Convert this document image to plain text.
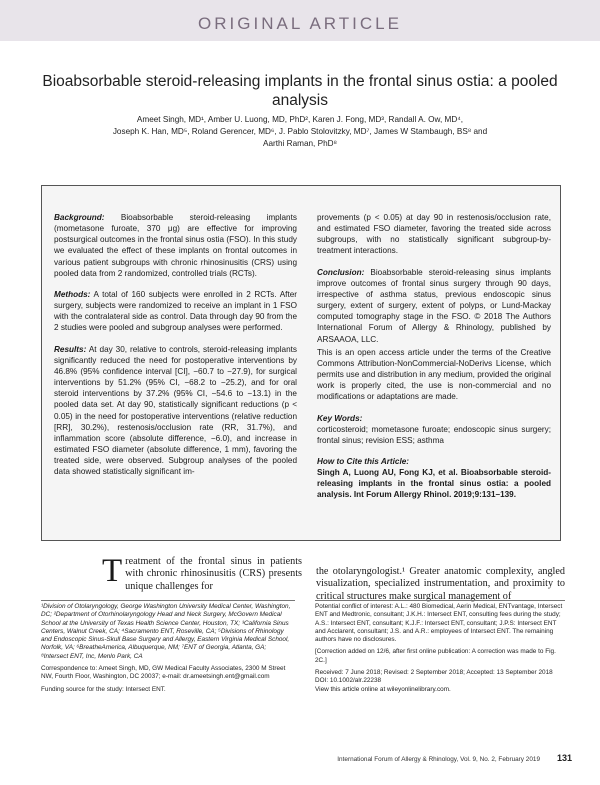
ORIGINAL ARTICLE
Bioabsorbable steroid-releasing implants in the frontal sinus ostia: a pooled analysis
Ameet Singh, MD¹, Amber U. Luong, MD, PhD², Karen J. Fong, MD³, Randall A. Ow, MD⁴,
Joseph K. Han, MD⁵, Roland Gerencer, MD⁶, J. Pablo Stolovitzky, MD⁷, James W Stambaugh, BS⁸ and
Aarthi Raman, PhD⁸

Background: Bioabsorbable steroid-releasing implants (mometasone furoate, 370 μg) are effective for improving postsurgical outcomes in the frontal sinus ostia (FSO). In this study we evaluated the effect of these implants on frontal outcomes in various patient subgroups with chronic rhinosinusitis (CRS) using pooled data from 2 randomized, controlled trials (RCTs).

Methods: A total of 160 subjects were enrolled in 2 RCTs. After surgery, subjects were randomized to receive an implant in 1 FSO with the contralateral side as control. Data through day 90 from the 2 studies were pooled and subgroup analyses were performed.

Results: At day 30, relative to controls, steroid-releasing implants significantly reduced the need for postoperative interventions by 46.8% (95% confidence interval [CI], −60.7 to −27.9), for surgical interventions by 51.2% (95% CI, −68.2 to −25.2), and for oral steroid interventions by 37.2% (95% CI, −54.6 to −13.1) in the pooled data set. At day 90, statistically significant reductions (p < 0.05) in the need for postoperative interventions (relative reduction [RR], 30.2%), restenosis/occlusion rate (RR, 31.7%), and inflammation score (absolute difference, −6.0), and increase in estimated FSO diameter (absolute difference, 1 mm), favoring the treated side, were observed. Subgroup analyses of the pooled data showed statistically significant im-

provements (p < 0.05) at day 90 in restenosis/occlusion rate, and estimated FSO diameter, favoring the treated side across subgroups, with no statistically significant subgroup-by-treatment interactions.

Conclusion: Bioabsorbable steroid-releasing sinus implants improve outcomes of frontal sinus surgery through 90 days, irrespective of asthma status, previous endoscopic sinus surgery, extent of surgery, extent of polyps, or Lund-Mackay computed tomography stage in the FSO. © 2018 The Authors International Forum of Allergy & Rhinology, published by ARSAAOA, LLC.

This is an open access article under the terms of the Creative Commons Attribution-NonCommercial-NoDerivs License, which permits use and distribution in any medium, provided the original work is properly cited, the use is non-commercial and no modifications or adaptations are made.

Key Words:

corticosteroid; mometasone furoate; endoscopic sinus surgery; frontal sinus; revision ESS; asthma

How to Cite this Article:
Singh A, Luong AU, Fong KJ, et al. Bioabsorbable steroid-releasing implants in the frontal sinus ostia: a pooled analysis. Int Forum Allergy Rhinol. 2019;9:131–139.
Treatment of the frontal sinus in patients with chronic rhinosinusitis (CRS) presents unique challenges for
the otolaryngologist.¹ Greater anatomic complexity, angled visualization, specialized instrumentation, and proximity to critical structures make surgical management of

¹Division of Otolaryngology, George Washington University Medical Center, Washington, DC; ²Department of Otorhinolaryngology Head and Neck Surgery, McGovern Medical School at the University of Texas Health Science Center, Houston, TX; ³California Sinus Centers, Walnut Creek, CA; ⁴Sacramento ENT, Roseville, CA; ⁵Divisions of Rhinology and Endoscopic Sinus-Skull Base Surgery and Allergy, Eastern Virginia Medical School, Norfolk, VA; ⁶BreatheAmerica, Albuquerque, NM; ⁷ENT of Georgia, Atlanta, GA; ⁸Intersect ENT, Inc, Menlo Park, CA

Correspondence to: Ameet Singh, MD, GW Medical Faculty Associates, 2300 M Street NW, Fourth Floor, Washington, DC 20037; e-mail: dr.ameetsingh.ent@gmail.com

Funding source for the study: Intersect ENT.

Potential conflict of interest: A.L.: 480 Biomedical, Aerin Medical, ENTvantage, Intersect ENT and Medtronic, consultant; J.K.H.: Intersect ENT, consulting fees during the study; A.S.: Intersect ENT, consultant; K.J.F.: Intersect ENT, consultant; J.P.S: Intersect ENT and Acclarent, consultant; J.S. and A.R.: employees of Intersect ENT. The remaining authors have no disclosures.

[Correction added on 12/6, after first online publication: A correction was made to Fig. 2C.]

Received: 7 June 2018; Revised: 2 September 2018; Accepted: 13 September 2018

DOI: 10.1002/alr.22238
View this article online at wileyonlinelibrary.com.
International Forum of Allergy & Rhinology, Vol. 9, No. 2, February 2019	131
